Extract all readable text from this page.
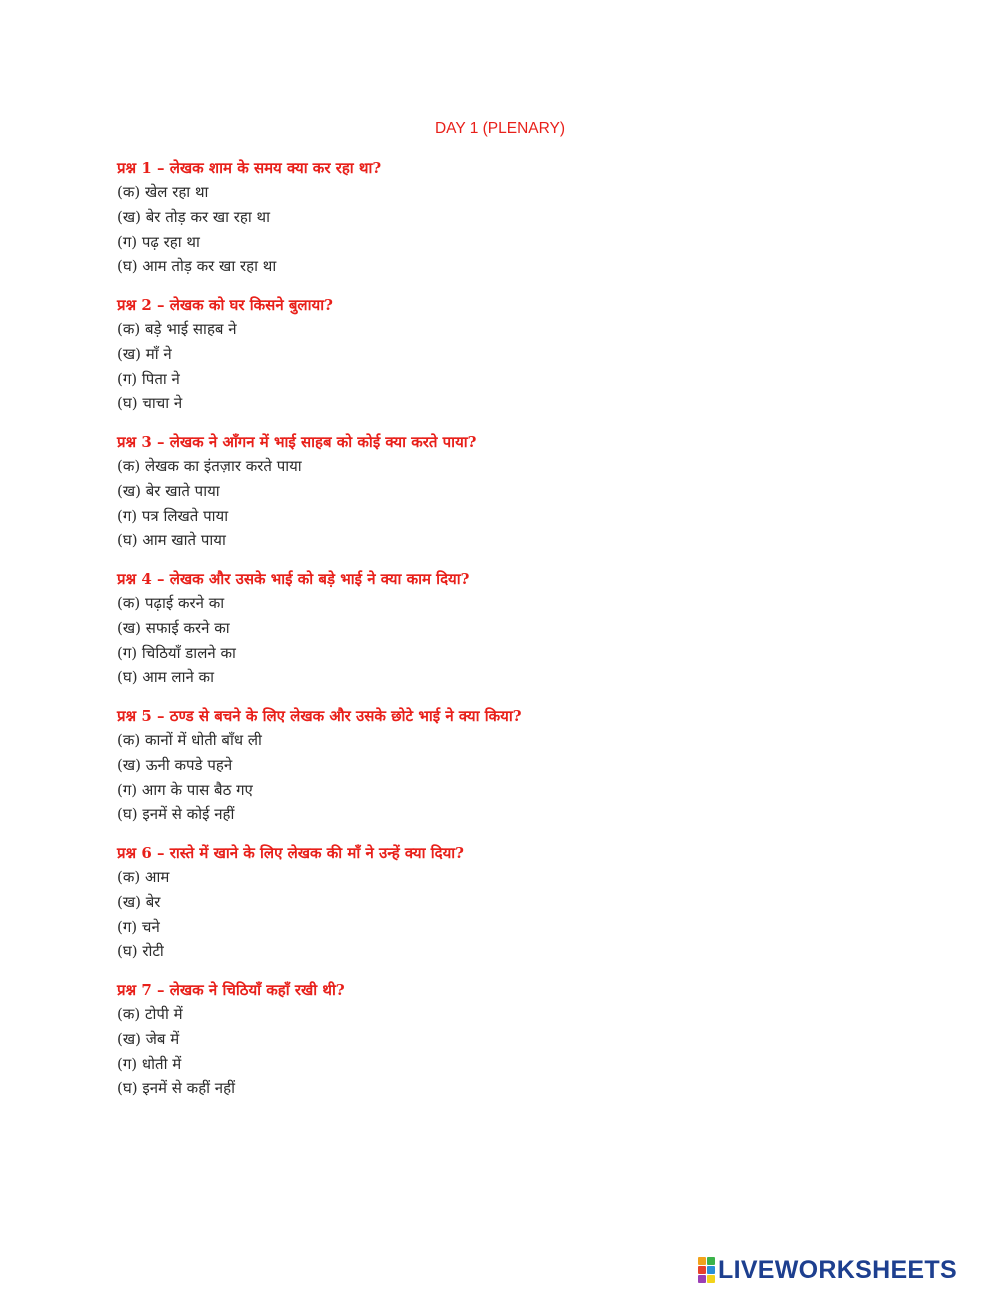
DAY 1 (PLENARY)
प्रश्न 1 – लेखक शाम के समय क्या कर रहा था?
(क) खेल रहा था
(ख) बेर तोड़ कर खा रहा था
(ग) पढ़ रहा था
(घ) आम तोड़ कर खा रहा था
प्रश्न 2 – लेखक को घर किसने बुलाया?
(क) बड़े भाई साहब ने
(ख) माँ ने
(ग) पिता ने
(घ) चाचा ने
प्रश्न 3 – लेखक ने आँगन में भाई साहब को कोई क्या करते पाया?
(क) लेखक का इंतज़ार करते पाया
(ख) बेर खाते पाया
(ग) पत्र लिखते पाया
(घ) आम खाते पाया
प्रश्न 4 – लेखक और उसके भाई को बड़े भाई ने क्या काम दिया?
(क) पढ़ाई करने का
(ख) सफाई करने का
(ग) चिठियाँ डालने का
(घ) आम लाने का
प्रश्न 5 – ठण्ड से बचने के लिए लेखक और उसके छोटे भाई ने क्या किया?
(क) कानों में धोती बाँध ली
(ख) ऊनी कपडे पहने
(ग) आग के पास बैठ गए
(घ) इनमें से कोई नहीं
प्रश्न 6 – रास्ते में खाने के लिए लेखक की माँ ने उन्हें क्या दिया?
(क) आम
(ख) बेर
(ग) चने
(घ) रोटी
प्रश्न 7 – लेखक ने चिठियाँ कहाँ रखी थी?
(क) टोपी में
(ख) जेब में
(ग) धोती में
(घ) इनमें से कहीं नहीं
LIVEWORKSHEETS
